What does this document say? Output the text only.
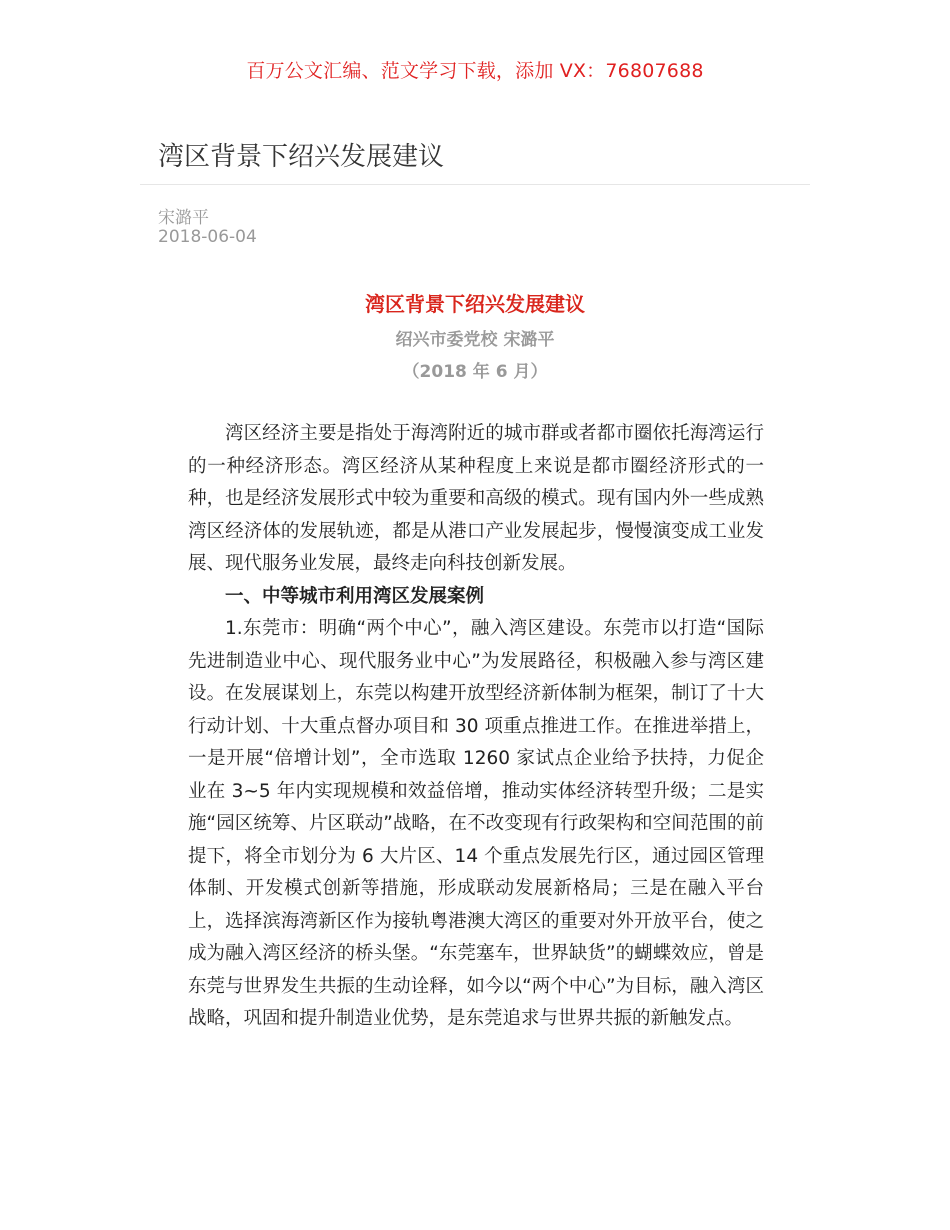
百万公文汇编、范文学习下载，添加 VX：76807688
湾区背景下绍兴发展建议
宋潞平
2018-06-04
湾区背景下绍兴发展建议
绍兴市委党校 宋潞平
（2018 年 6 月）

湾区经济主要是指处于海湾附近的城市群或者都市圈依托海湾运行的一种经济形态。湾区经济从某种程度上来说是都市圈经济形式的一种，也是经济发展形式中较为重要和高级的模式。现有国内外一些成熟湾区经济体的发展轨迹，都是从港口产业发展起步，慢慢演变成工业发展、现代服务业发展，最终走向科技创新发展。

一、中等城市利用湾区发展案例

1.东莞市：明确“两个中心”，融入湾区建设。东莞市以打造“国际先进制造业中心、现代服务业中心”为发展路径，积极融入参与湾区建设。在发展谋划上，东莞以构建开放型经济新体制为框架，制订了十大行动计划、十大重点督办项目和 30 项重点推进工作。在推进举措上，一是开展“倍增计划”，全市选取 1260 家试点企业给予扶持，力促企业在 3~5 年内实现规模和效益倍增，推动实体经济转型升级；二是实施“园区统筹、片区联动”战略，在不改变现有行政架构和空间范围的前提下，将全市划分为 6 大片区、14 个重点发展先行区，通过园区管理体制、开发模式创新等措施，形成联动发展新格局；三是在融入平台上，选择滨海湾新区作为接轨粤港澳大湾区的重要对外开放平台，使之成为融入湾区经济的桥头堡。“东莞塞车，世界缺货”的蝴蝶效应，曾是东莞与世界发生共振的生动诠释，如今以“两个中心”为目标，融入湾区战略，巩固和提升制造业优势，是东莞追求与世界共振的新触发点。
